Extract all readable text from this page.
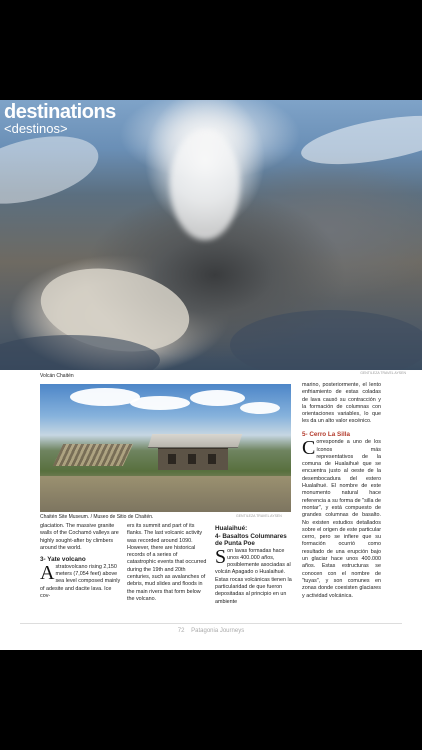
destinations
<destinos>
Volcán Chaitén	GENTILEZA TRAVEL AYSEN
Chaitén Site Museum. / Museo de Sitio de Chaitén.	GENTILEZA TRAVEL AYSEN

glaciation. The massive granite walls of the Cochamó valleys are highly sought-after by climbers around the world.

3- Yate volcano

A stratovolcano rising 2,150 meters (7,054 feet) above sea level composed mainly of adesite and dacite lava. Ice cov-

ers its summit and part of its flanks. The last volcanic activity was recorded around 1090. However, there are historical records of a series of catastrophic events that occurred during the 19th and 20th centuries, such as avalanches of debris, mud slides and floods in the main rivers that form below the volcano.

Hualaihué:

4- Basaltos Columnares de Punta Poe

Son lavas formadas hace unos 400.000 años, posiblemente asociadas al volcán Apagado o Hualaihué. Estas rocas volcánicas tienen la particularidad de que fueron depositadas al principio en un ambiente

marino, posteriormente, el lento enfriamiento de estas coladas de lava causó su contracción y la formación de columnas con orientaciones variables, lo que les da un alto valor escénico.

5- Cerro La Silla

Corresponde a uno de los íconos más representativos de la comuna de Hualaihué que se encuentra justo al oeste de la desembocadura del estero Hualaihué. El nombre de este monumento natural hace referencia a su forma de "silla de montar", y está compuesto de grandes columnas de basalto. No existen estudios detallados sobre el origen de este particular cerro, pero se infiere que su formación ocurrió como resultado de una erupción bajo un glaciar hace unos 400.000 años. Estas estructuras se conocen con el nombre de "tuyas", y son comunes en zonas donde coexisten glaciares y actividad volcánica.

72 Patagonia Journeys
